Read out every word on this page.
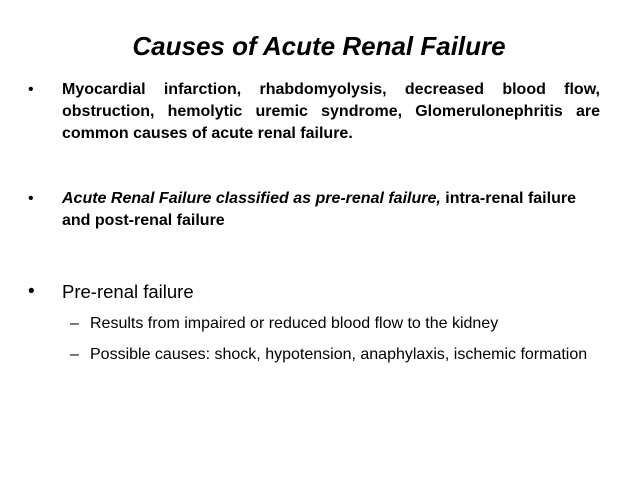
Causes of Acute Renal Failure
• Myocardial infarction, rhabdomyolysis, decreased blood flow, obstruction, hemolytic uremic syndrome, Glomerulonephritis are common causes of acute renal failure.
• Acute Renal Failure classified as pre-renal failure, intra-renal failure and post-renal failure
• Pre-renal failure
– Results from impaired or reduced blood flow to the kidney
– Possible causes: shock, hypotension, anaphylaxis, ischemic formation
